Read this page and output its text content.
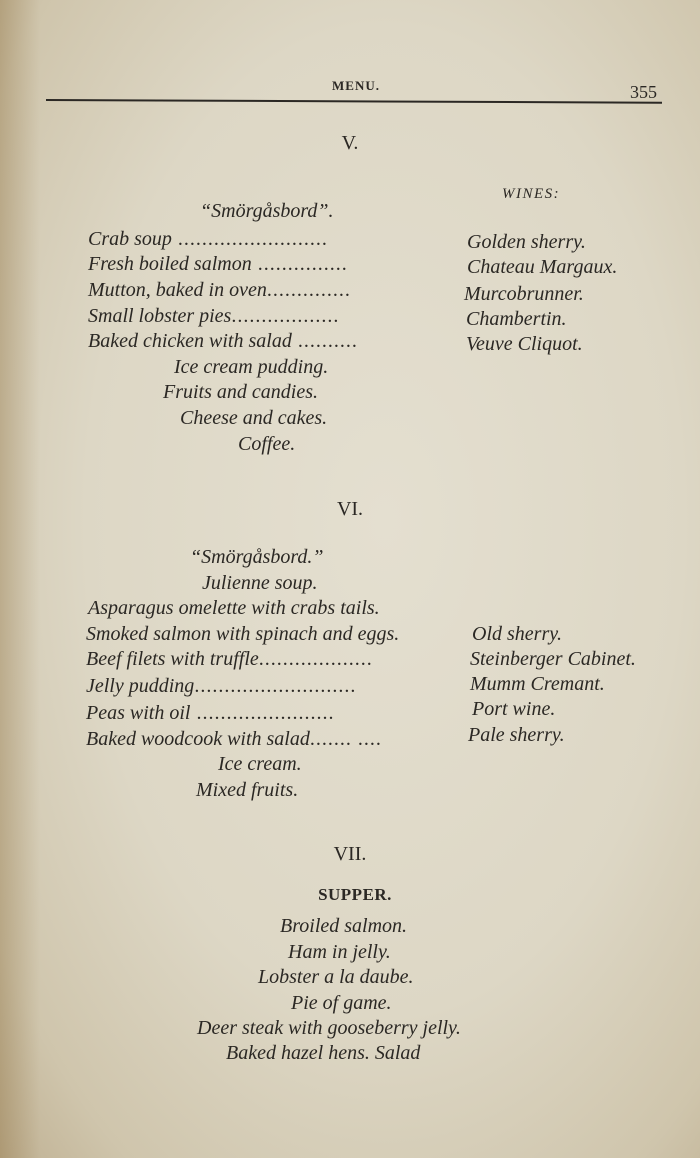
MENU.	355
V.
WINES:
“Smörgåsbord”.
Crab soup .........................	Golden sherry.
Fresh boiled salmon ...............	Chateau Margaux.
Mutton, baked in oven..............	Murcobrunner.
Small lobster pies..................	Chambertin.
Baked chicken with salad ..........	Veuve Cliquot.
Ice cream pudding.
Fruits and candies.
Cheese and cakes.
Coffee.
VI.
“Smörgåsbord.”
Julienne soup.
Asparagus omelette with crabs tails.
Smoked salmon with spinach and eggs.	Old sherry.
Beef filets with truffle...................	Steinberger Cabinet.
Jelly pudding...........................	Mumm Cremant.
Peas with oil .......................	Port wine.
Baked woodcook with salad....... ....	Pale sherry.
Ice cream.
Mixed fruits.
VII.
SUPPER.
Broiled salmon.
Ham in jelly.
Lobster a la daube.
Pie of game.
Deer steak with gooseberry jelly.
Baked hazel hens. Salad
